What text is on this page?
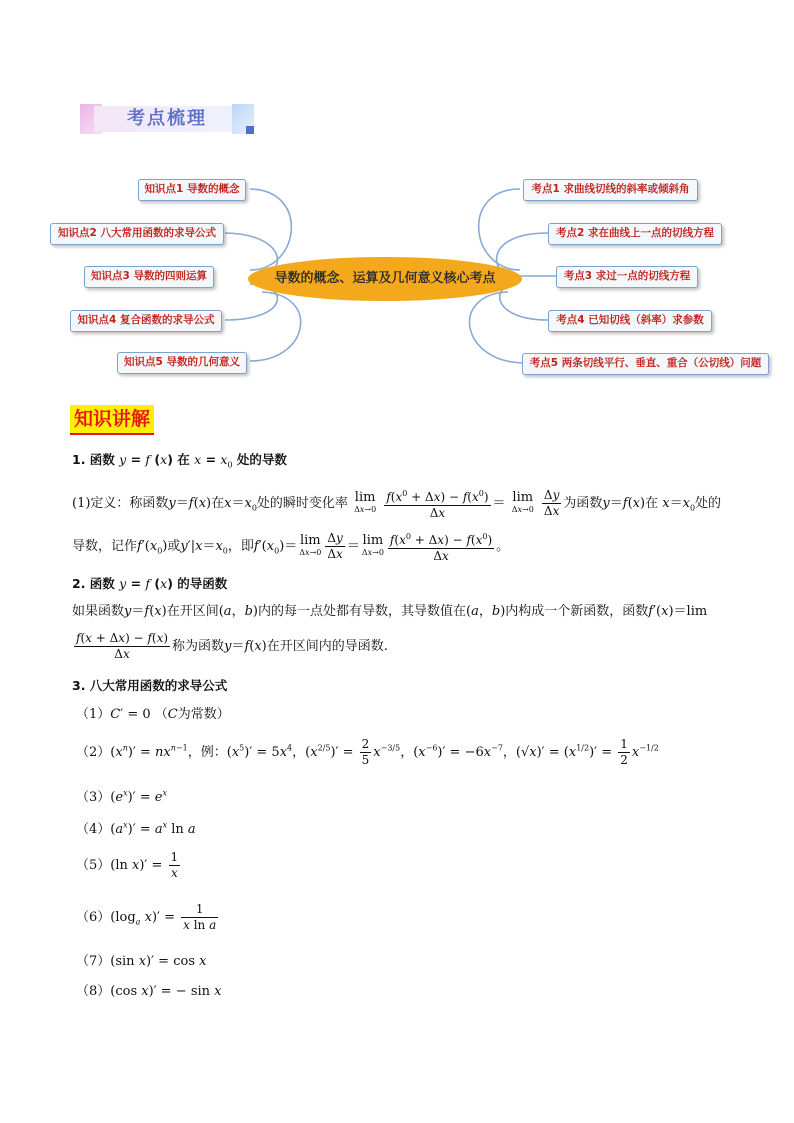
考点梳理
知识点1 导数的概念
知识点2 八大常用函数的求导公式
知识点3 导数的四则运算
知识点4 复合函数的求导公式
知识点5 导数的几何意义
导数的概念、运算及几何意义核心考点
考点1 求曲线切线的斜率或倾斜角
考点2 求在曲线上一点的切线方程
考点3 求过一点的切线方程
考点4 已知切线（斜率）求参数
考点5 两条切线平行、垂直、重合（公切线）问题
知识讲解
1. 函数 y = f (x) 在 $x = x_0$ 处的导数
(1)定义：称函数y＝f(x)在$x=x_0$处的瞬时变化率 lim
Δx→0
$\frac{f(x^0 + \Delta x) - f(x^0)}{\Delta x} = \lim$
Δx→0
$\frac{\Delta y}{\Delta x}$ 为函数y＝f(x)在 $x=x_0$处的
导数，记作$f'(x_0)$或$y'|x=x_0$，即$f'(x_0)= \lim$
$\Delta x\to 0 \frac{\Delta y}{\Delta x} = \lim$
$\Delta x\to 0 \frac{f(x^0 + \Delta x) - f(x^0)}{\Delta x}$ 。
2. 函数 y = f (x) 的导函数
如果函数y＝f(x)在开区间(a，b)内的每一点处都有导数，其导数值在(a，b)内构成一个新函数，函数f′(x)＝lim
$\frac{f(x + \Delta x) - f(x)}{\Delta x}$ 称为函数y＝f(x)在开区间内的导函数.
3. 八大常用函数的求导公式
（1）C′ = 0 （C为常数）
$(2)(x^n)' = nx^{n-1}$，例：$(x^5)' = 5x^4$，$(x^{2/5})' = \frac{2}{5} x^{-3/5}$，$(x^{-6})' = -6x^{-7}$，$(√x)' = (x^{1/2})' = \frac{1}{2} x^{-1/2}$
$(3)(e^x)' = e^x$
$(4)(a^x)' = a^x$ ln a
（5）(ln $x)' = \frac{1}{x}$
$(6)(\log_a$ $x)' = \frac{1}{\text{x ln a}}$
（7）(sin x)′ = cos x
（8）(cos x)′ = − sin x
